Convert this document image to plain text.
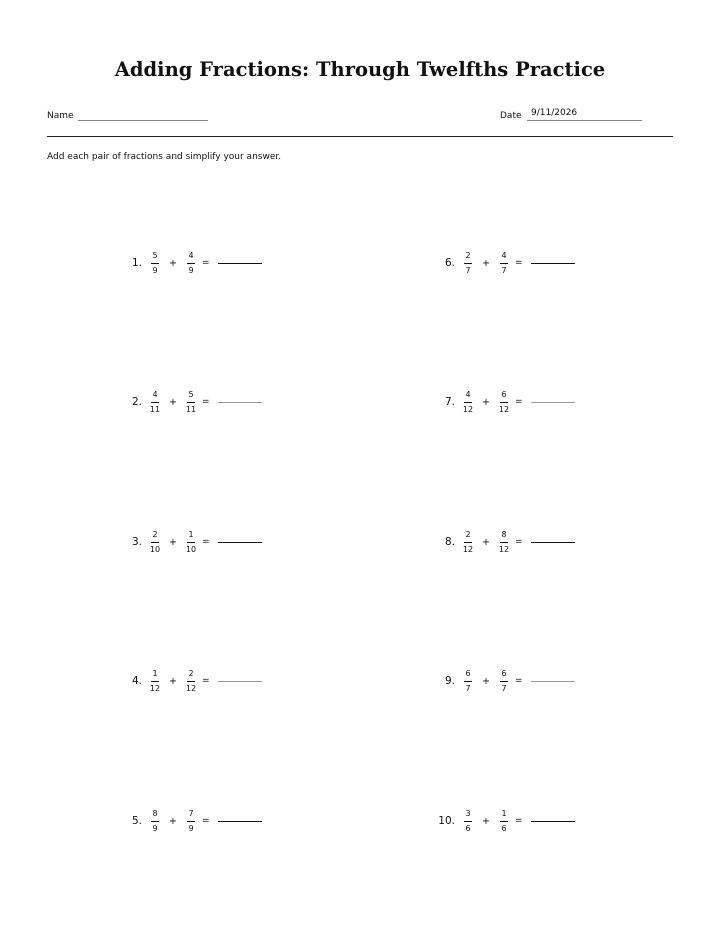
Adding Fractions: Through Twelfths Practice
Name	Date 9/11/2026
Add each pair of fractions and simplify your answer.
1. $\frac{5}{9} + \frac{4}{9}$ =
2. $\frac{4}{11} + \frac{5}{11}$ =
3. $\frac{2}{10} + \frac{1}{10}$ =
4. $\frac{1}{12} + \frac{2}{12}$ =
5. $\frac{8}{9} + \frac{7}{9}$ =
6. $\frac{2}{7} + \frac{4}{7}$ =
7. $\frac{4}{12} + \frac{6}{12}$ =
8. $\frac{2}{12} + \frac{8}{12}$ =
9. $\frac{6}{7} + \frac{6}{7}$ =
10. $\frac{3}{6} + \frac{1}{6}$ =
